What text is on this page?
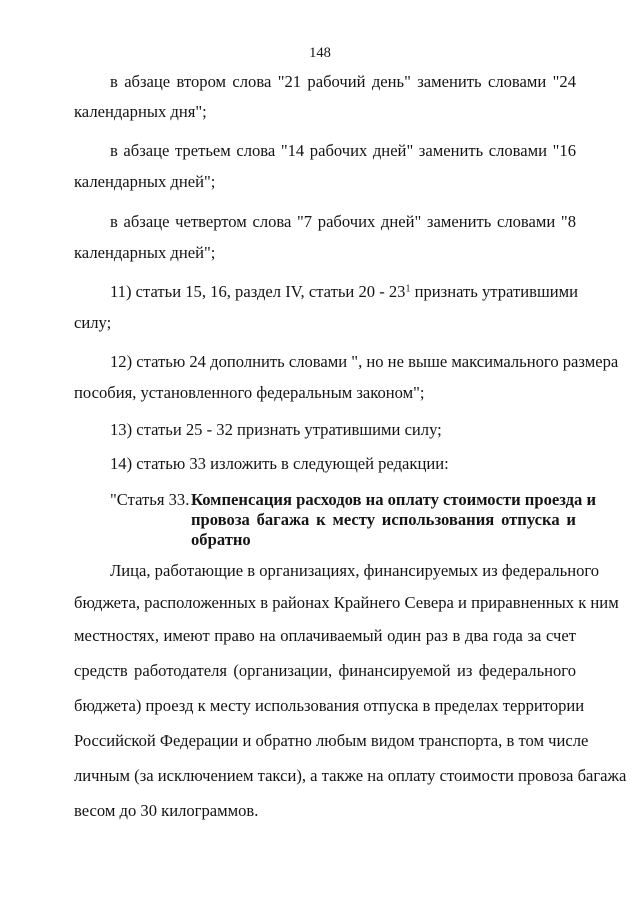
148

в абзаце втором слова "21 рабочий день" заменить словами "24

календарных дня";

в абзаце третьем слова "14 рабочих дней" заменить словами "16

календарных дней";

в абзаце четвертом слова "7 рабочих дней" заменить словами "8

календарных дней";

11) статьи 15, 16, раздел IV, статьи $20 - 23^1$ признать утратившими

силу;

12) статью 24 дополнить словами ", но не выше максимального размера

пособия, установленного федеральным законом";

13) статьи 25 - 32 признать утратившими силу;

14) статью 33 изложить в следующей редакции:

"Статья 33. Компенсация расходов на оплату стоимости проезда и

провоза багажа к месту использования отпуска и

обратно

Лица, работающие в организациях, финансируемых из федерального

бюджета, расположенных в районах Крайнего Севера и приравненных к ним

местностях, имеют право на оплачиваемый один раз в два года за счет

средств работодателя (организации, финансируемой из федерального

бюджета) проезд к месту использования отпуска в пределах территории

Российской Федерации и обратно любым видом транспорта, в том числе

личным (за исключением такси), а также на оплату стоимости провоза багажа

весом до 30 килограммов.
